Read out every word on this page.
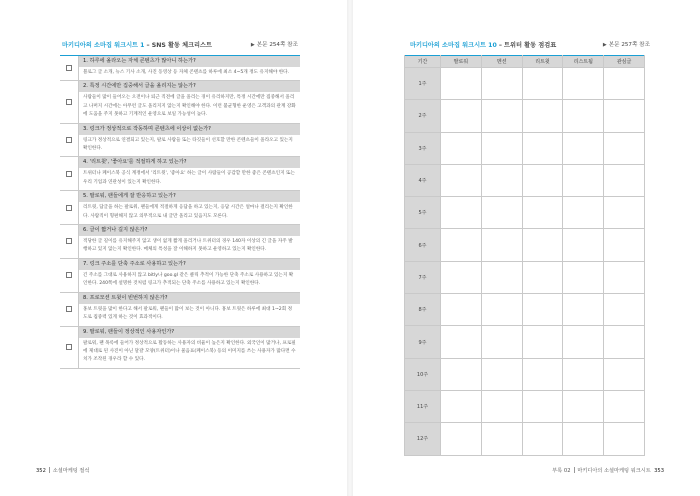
마키디아의 소마집 워크시트 1 – SNS 활동 체크리스트	▶ 본문 254쪽 참조
1. 하루에 올라오는 자체 콘텐츠가 많아니 하는가?
블로그 글 소개, 뉴스 기사 소개, 사진 동영상 등 자체 콘텐츠를 하루에 최소 4~5개 정도 유지해야 한다.
2. 특정 시간에만 집중해서 글을 올리지는 않는가?
사람들이 많이 들어오는 오전이나 퇴근 직전에 글을 올리는 경이 유리하지만, 특정 시간에만 집중해서 올리고 나머지 시간에는 아무런 글도 올리지지 않는지 확인해야 한다. 이런 불균형한 운영은 고객과의 관계 강화에 도움을 주지 못하고 기계적인 운영으로 보일 가능성이 높다.
3. 링크가 정상적으로 작동하며 콘텐츠에 이상이 없는가?
링크가 정상적으로 연결되고 있는지, 팔로 사람들 또는 타깃들이 선호할 만한 콘텐츠들이 올라오고 있는지 확인한다.
4. '리트윗', '좋아요'를 적절하게 하고 있는가?
트위터나 페이스북 공식 계정에서 '리트윗', '좋아요' 하는 글이 사람들이 공감할 만한 좋은 콘텐츠인지 또는 우리 기업과 연관성이 있는지 확인한다.
5. 팔로워, 팬들에게 잘 반응하고 있는가?
리트윗, 답글을 하는 팔로워, 팬들에게 적절하게 응답을 하고 있는지, 응답 시간은 얼마나 걸리는지 확인한다. 사람직이 형편해지 않고 의무적으로 내 글만 올리고 있음지도 모른다.
6. 글이 짧거나 길지 않은가?
적당한 글 길이를 유지해주지 않고 생이 없게 짧게 올리거나 트위터의 경우 140자 이상의 긴 글을 자주 발행하고 있지 않는지 확인한다. 매체의 특성을 잘 이해하지 못하고 운영하고 있는지 확인한다.
7. 링크 주소를 단축 주소로 사용하고 있는가?
긴 주소를 그대로 사용하지 않고 bitly나 goo.gl 같은 클릭 추적이 가능한 단축 주소로 사용하고 있는지 확인한다. 240쪽에 설명한 것처럼 링크가 추적되는 단축 주소를 사용하고 있는지 확인한다.
8. 프로모션 트윗이 빈번하지 않은가?
홍보 트윗을 많이 한다고 해서 팔로워, 팬들이 많이 보는 것이 아니다. 홍보 트윗은 하루에 최대 1~2회 정도로 집중력 있게 하는 것이 효과적이다.
9. 팔로워, 팬들이 정상적인 사용자인가?
팔로워, 팬 목록에 들어가 정상적으로 활동하는 사용자의 비율이 높은지 확인한다. 외국인이 많거나, 프로필에 제대로 된 사진이 아닌 달걀 모양(트위터)이나 물음표(페이스북) 등의 이미지를 쓰는 사용자가 많다면 수치가 조작된 경우라 할 수 있다.
352 소셜마케팅 절석
마키디아의 소마집 워크시트 10 – 트위터 활동 점검표	▶ 본문 257쪽 참조
부록 02 마키디아의 소셜마케팅 워크시트 353
기간	팔로워	멘션	리트윗	리스트됨	관심글
1주					
2주					
3주					
4주					
5주					
6주					
7주					
8주					
9주					
10주					
11주					
12주					
